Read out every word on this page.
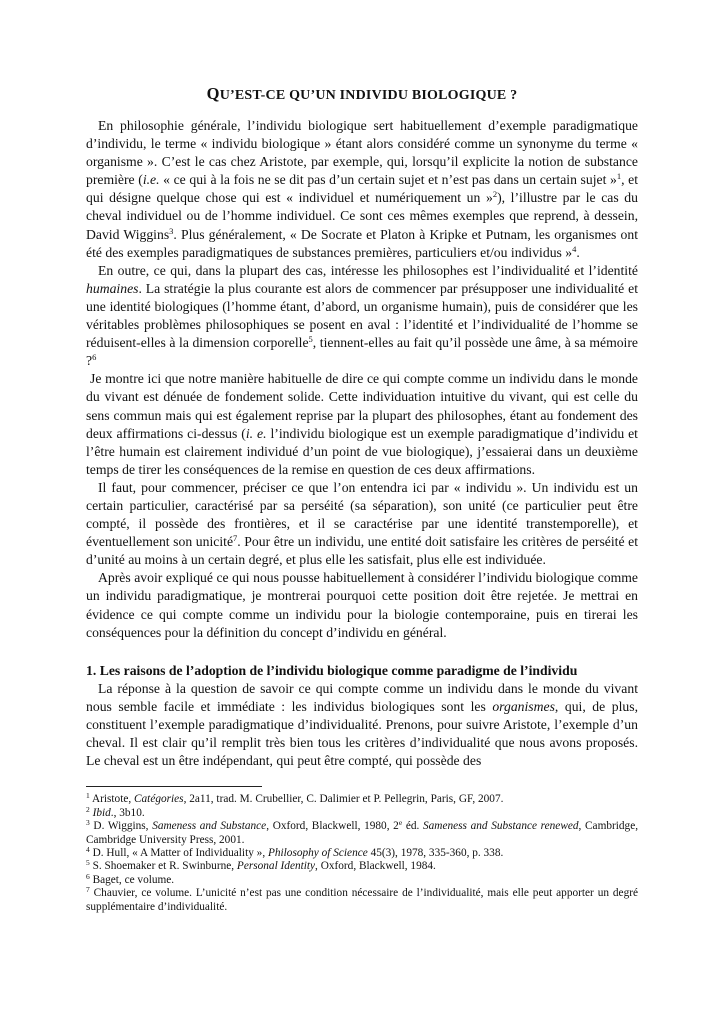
QU’EST-CE QU’UN INDIVIDU BIOLOGIQUE ?

En philosophie générale, l’individu biologique sert habituellement d’exemple paradigmatique d’individu, le terme « individu biologique » étant alors considéré comme un synonyme du terme « organisme ». C’est le cas chez Aristote, par exemple, qui, lorsqu’il explicite la notion de substance première (i.e. « ce qui à la fois ne se dit pas d’un certain sujet et n’est pas dans un certain sujet »$^1$, et qui désigne quelque chose qui est « individuel et numériquement un »$^2$), l’illustre par le cas du cheval individuel ou de l’homme individuel. Ce sont ces mêmes exemples que reprend, à dessein, David Wiggins$^3$. Plus généralement, « De Socrate et Platon à Kripke et Putnam, les organismes ont été des exemples paradigmatiques de substances premières, particuliers et/ou individus »$^4$.

En outre, ce qui, dans la plupart des cas, intéresse les philosophes est l’individualité et l’identité humaines. La stratégie la plus courante est alors de commencer par présupposer une individualité et une identité biologiques (l’homme étant, d’abord, un organisme humain), puis de considérer que les véritables problèmes philosophiques se posent en aval : l’identité et l’individualité de l’homme se réduisent-elles à la dimension corporelle$^5$, tiennent-elles au fait qu’il possède une âme, à sa mémoire ?$^6$

Je montre ici que notre manière habituelle de dire ce qui compte comme un individu dans le monde du vivant est dénuée de fondement solide. Cette individuation intuitive du vivant, qui est celle du sens commun mais qui est également reprise par la plupart des philosophes, étant au fondement des deux affirmations ci-dessus (i. e. l’individu biologique est un exemple paradigmatique d’individu et l’être humain est clairement individué d’un point de vue biologique), j’essaierai dans un deuxième temps de tirer les conséquences de la remise en question de ces deux affirmations.

Il faut, pour commencer, préciser ce que l’on entendra ici par « individu ». Un individu est un certain particulier, caractérisé par sa perséité (sa séparation), son unité (ce particulier peut être compté, il possède des frontières, et il se caractérise par une identité transtemporelle), et éventuellement son unicité$^7$. Pour être un individu, une entité doit satisfaire les critères de perséité et d’unité au moins à un certain degré, et plus elle les satisfait, plus elle est individuée.

Après avoir expliqué ce qui nous pousse habituellement à considérer l’individu biologique comme un individu paradigmatique, je montrerai pourquoi cette position doit être rejetée. Je mettrai en évidence ce qui compte comme un individu pour la biologie contemporaine, puis en tirerai les conséquences pour la définition du concept d’individu en général.

1. Les raisons de l’adoption de l’individu biologique comme paradigme de l’individu

La réponse à la question de savoir ce qui compte comme un individu dans le monde du vivant nous semble facile et immédiate : les individus biologiques sont les organismes, qui, de plus, constituent l’exemple paradigmatique d’individualité. Prenons, pour suivre Aristote, l’exemple d’un cheval. Il est clair qu’il remplit très bien tous les critères d’individualité que nous avons proposés. Le cheval est un être indépendant, qui peut être compté, qui possède des

$^1$ Aristote, Catégories, 2a11, trad. M. Crubellier, C. Dalimier et P. Pellegrin, Paris, GF, 2007.

$^2$ Ibid., 3b10.

$^3$ D. Wiggins, Sameness and Substance, Oxford, Blackwell, 1980, 2e éd. Sameness and Substance renewed, Cambridge, Cambridge University Press, 2001.

$^4$ D. Hull, « A Matter of Individuality », Philosophy of Science 45(3), 1978, 335-360, p. 338.

$^5$ S. Shoemaker et R. Swinburne, Personal Identity, Oxford, Blackwell, 1984.

$^6$ Baget, ce volume.

$^7$ Chauvier, ce volume. L’unicité n’est pas une condition nécessaire de l’individualité, mais elle peut apporter un degré supplémentaire d’individualité.
